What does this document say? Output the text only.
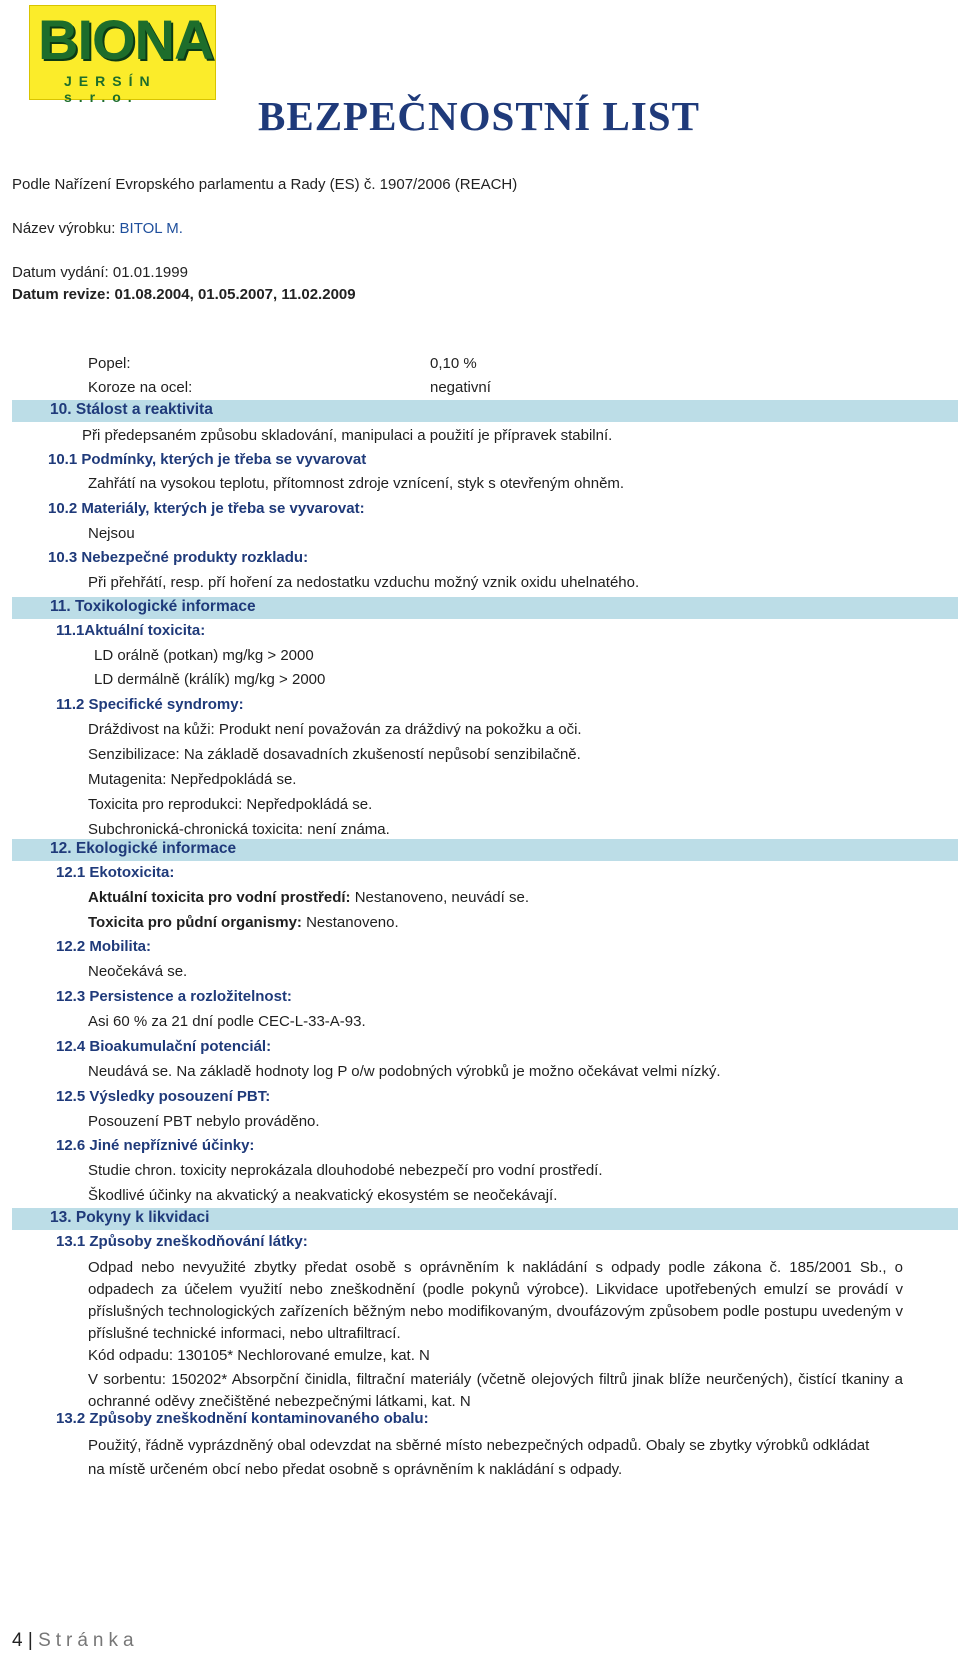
BIONA
JERSÍN s.r.o.	BEZPEČNOSTNÍ LIST
Podle Nařízení Evropského parlamentu a Rady (ES) č. 1907/2006 (REACH)
Název výrobku: BITOL M.
Datum vydání: 01.01.1999
Datum revize: 01.08.2004, 01.05.2007, 11.02.2009
Popel:	0,10 %
Koroze na ocel:	negativní
10. Stálost a reaktivita
Při předepsaném způsobu skladování, manipulaci a použití je přípravek stabilní.
10.1 Podmínky, kterých je třeba se vyvarovat
Zahřátí na vysokou teplotu, přítomnost zdroje vznícení, styk s otevřeným ohněm.
10.2 Materiály, kterých je třeba se vyvarovat:
Nejsou
10.3 Nebezpečné produkty rozkladu:
Při přehřátí, resp. pří hoření za nedostatku vzduchu možný vznik oxidu uhelnatého.
11. Toxikologické informace
11.1Aktuální toxicita:
LD orálně (potkan) mg/kg > 2000
LD dermálně (králík) mg/kg > 2000
11.2 Specifické syndromy:
Dráždivost na kůži: Produkt není považován za dráždivý na pokožku a oči.
Senzibilizace: Na základě dosavadních zkušeností nepůsobí senzibilačně.
Mutagenita: Nepředpokládá se.
Toxicita pro reprodukci: Nepředpokládá se.
Subchronická-chronická toxicita: není známa.
12. Ekologické informace
12.1 Ekotoxicita:
Aktuální toxicita pro vodní prostředí: Nestanoveno, neuvádí se.
Toxicita pro půdní organismy: Nestanoveno.
12.2 Mobilita:
Neočekává se.
12.3 Persistence a rozložitelnost:
Asi 60 % za 21 dní podle CEC-L-33-A-93.
12.4 Bioakumulační potenciál:
Neudává se. Na základě hodnoty log P o/w podobných výrobků je možno očekávat velmi nízký.
12.5 Výsledky posouzení PBT:
Posouzení PBT nebylo prováděno.
12.6 Jiné nepříznivé účinky:
Studie chron. toxicity neprokázala dlouhodobé nebezpečí pro vodní prostředí.
Škodlivé účinky na akvatický a neakvatický ekosystém se neočekávají.
13. Pokyny k likvidaci
13.1 Způsoby zneškodňování látky:
Odpad nebo nevyužité zbytky předat osobě s oprávněním k nakládání s odpady podle zákona č. 185/2001 Sb., o odpadech za účelem využití nebo zneškodnění (podle pokynů výrobce). Likvidace upotřebených emulzí se provádí v příslušných technologických zařízeních běžným nebo modifikovaným, dvoufázovým způsobem podle postupu uvedeným v příslušné technické informaci, nebo ultrafiltrací.
Kód odpadu: 130105* Nechlorované emulze, kat. N
V sorbentu: 150202* Absorpční činidla, filtrační materiály (včetně olejových filtrů jinak blíže neurčených), čistící tkaniny a ochranné oděvy znečištěné nebezpečnými látkami, kat. N
13.2 Způsoby zneškodnění kontaminovaného obalu:
Použitý, řádně vyprázdněný obal odevzdat na sběrné místo nebezpečných odpadů. Obaly se zbytky výrobků odkládat na místě určeném obcí nebo předat osobně s oprávněním k nakládání s odpady.
4 | Stránka
